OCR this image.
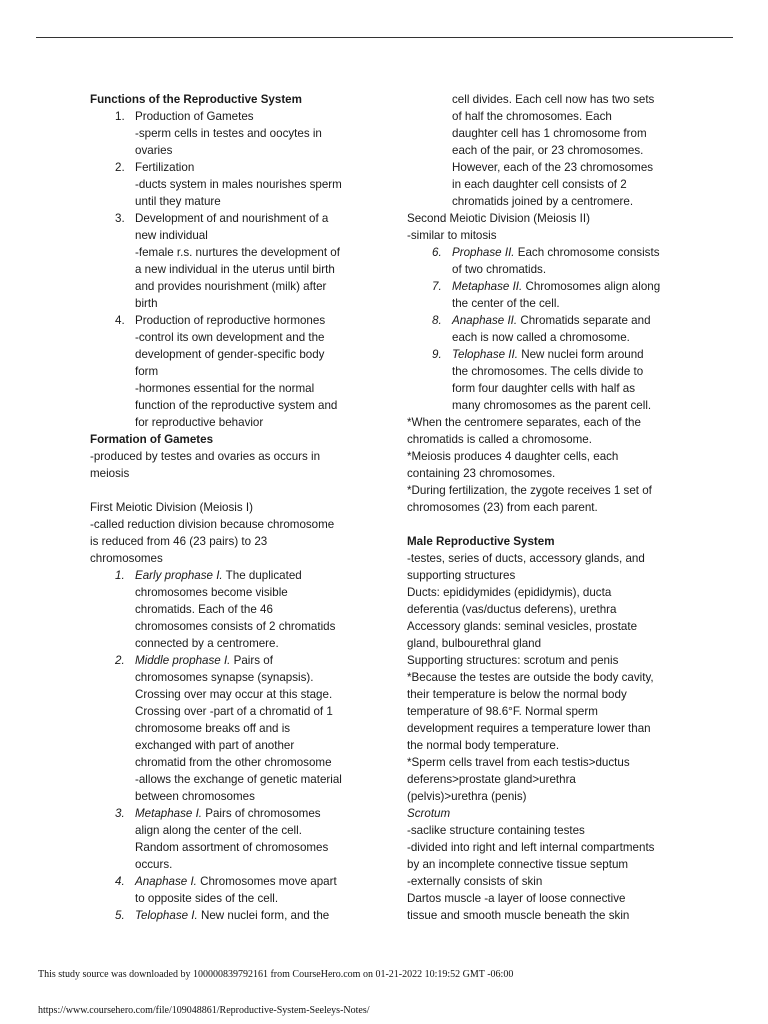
Functions of the Reproductive System
1. Production of Gametes
-sperm cells in testes and oocytes in
ovaries
2. Fertilization
-ducts system in males nourishes sperm
until they mature
3. Development of and nourishment of a
new individual
-female r.s. nurtures the development of
a new individual in the uterus until birth
and provides nourishment (milk) after
birth
4. Production of reproductive hormones
-control its own development and the
development of gender-specific body
form
-hormones essential for the normal
function of the reproductive system and
for reproductive behavior
Formation of Gametes
-produced by testes and ovaries as occurs in
meiosis
First Meiotic Division (Meiosis I)
-called reduction division because chromosome
is reduced from 46 (23 pairs) to 23
chromosomes
1. Early prophase I. The duplicated
chromosomes become visible
chromatids. Each of the 46
chromosomes consists of 2 chromatids
connected by a centromere.
2. Middle prophase I. Pairs of
chromosomes synapse (synapsis).
Crossing over may occur at this stage.
Crossing over -part of a chromatid of 1
chromosome breaks off and is
exchanged with part of another
chromatid from the other chromosome
-allows the exchange of genetic material
between chromosomes
3. Metaphase I. Pairs of chromosomes
align along the center of the cell.
Random assortment of chromosomes
occurs.
4. Anaphase I. Chromosomes move apart
to opposite sides of the cell.
5. Telophase I. New nuclei form, and the
cell divides. Each cell now has two sets
of half the chromosomes. Each
daughter cell has 1 chromosome from
each of the pair, or 23 chromosomes.
However, each of the 23 chromosomes
in each daughter cell consists of 2
chromatids joined by a centromere.
Second Meiotic Division (Meiosis II)
-similar to mitosis
6. Prophase II. Each chromosome consists
of two chromatids.
7. Metaphase II. Chromosomes align along
the center of the cell.
8. Anaphase II. Chromatids separate and
each is now called a chromosome.
9. Telophase II. New nuclei form around
the chromosomes. The cells divide to
form four daughter cells with half as
many chromosomes as the parent cell.
*When the centromere separates, each of the
chromatids is called a chromosome.
*Meiosis produces 4 daughter cells, each
containing 23 chromosomes.
*During fertilization, the zygote receives 1 set of
chromosomes (23) from each parent.
Male Reproductive System
-testes, series of ducts, accessory glands, and
supporting structures
Ducts: epididymides (epididymis), ducta
deferentia (vas/ductus deferens), urethra
Accessory glands: seminal vesicles, prostate
gland, bulbourethral gland
Supporting structures: scrotum and penis
*Because the testes are outside the body cavity,
their temperature is below the normal body
temperature of 98.6°F. Normal sperm
development requires a temperature lower than
the normal body temperature.
*Sperm cells travel from each testis>ductus
deferens>prostate gland>urethra
(pelvis)>urethra (penis)
Scrotum
-saclike structure containing testes
-divided into right and left internal compartments
by an incomplete connective tissue septum
-externally consists of skin
Dartos muscle -a layer of loose connective
tissue and smooth muscle beneath the skin
This study source was downloaded by 100000839792161 from CourseHero.com on 01-21-2022 10:19:52 GMT -06:00
https://www.coursehero.com/file/109048861/Reproductive-System-Seeleys-Notes/
